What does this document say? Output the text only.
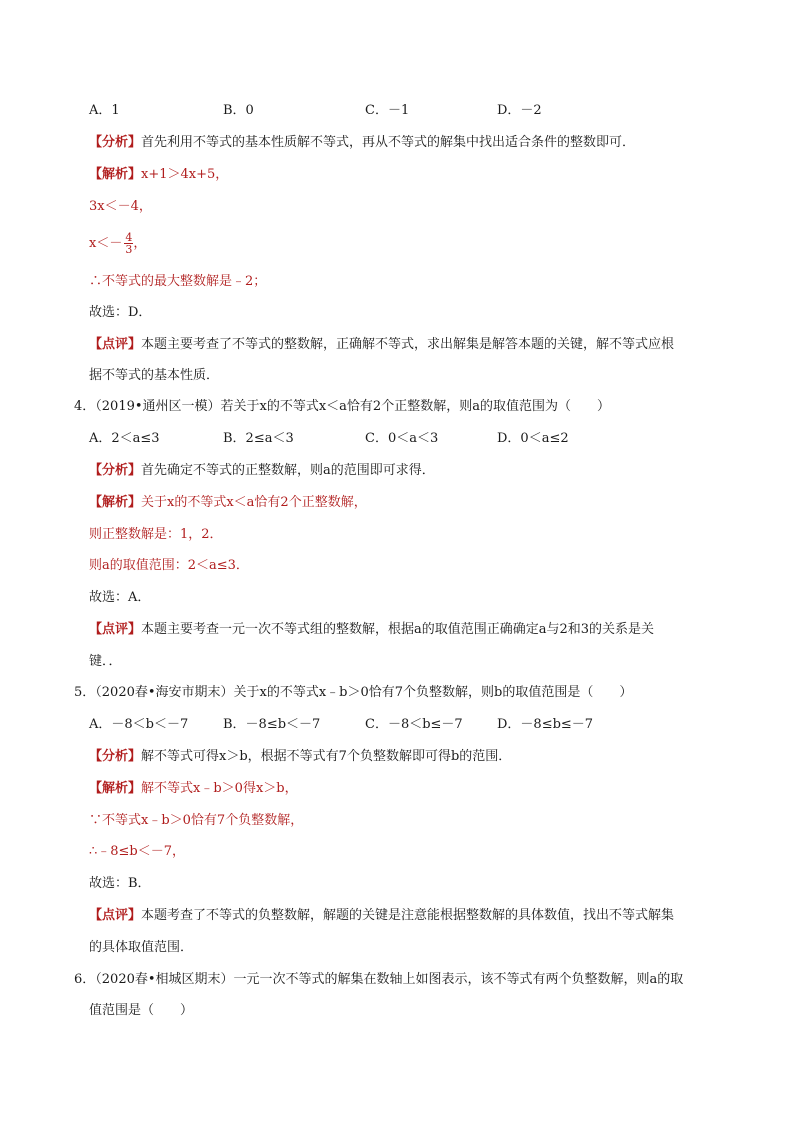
A．1	B．0	C．－1	D．－2
【分析】首先利用不等式的基本性质解不等式，再从不等式的解集中找出适合条件的整数即可．
【解析】x+1＞4x+5，
3x＜－4，
$x<- \frac{4}{3}$ ，
∴不等式的最大整数解是﹣2；
故选：D．
【点评】本题主要考查了不等式的整数解，正确解不等式，求出解集是解答本题的关键，解不等式应根
据不等式的基本性质．
4．（2019•通州区一模）若关于x的不等式x＜a恰有2个正整数解，则a的取值范围为（　　）
A．2＜a≤3	B．2≤a＜3	C．0＜a＜3	D．0＜a≤2
【分析】首先确定不等式的正整数解，则a的范围即可求得．
【解析】关于x的不等式x＜a恰有2个正整数解，
则正整数解是：1，2．
则a的取值范围：2＜a≤3．
故选：A．
【点评】本题主要考查一元一次不等式组的整数解，根据a的取值范围正确确定a与2和3的关系是关
键．．
5．（2020春•海安市期末）关于x的不等式x﹣b＞0恰有7个负整数解，则b的取值范围是（　　）
A．－8＜b＜－7	B．－8≤b＜－7	C．－8＜b≤－7	D．－8≤b≤－7
【分析】解不等式可得x＞b，根据不等式有7个负整数解即可得b的范围．
【解析】解不等式x﹣b＞0得x＞b，
∵不等式x﹣b＞0恰有7个负整数解，
∴﹣8≤b＜－7，
故选：B．
【点评】本题考查了不等式的负整数解，解题的关键是注意能根据整数解的具体数值，找出不等式解集
的具体取值范围．
6．（2020春•相城区期末）一元一次不等式的解集在数轴上如图表示，该不等式有两个负整数解，则a的取
值范围是（　　）
